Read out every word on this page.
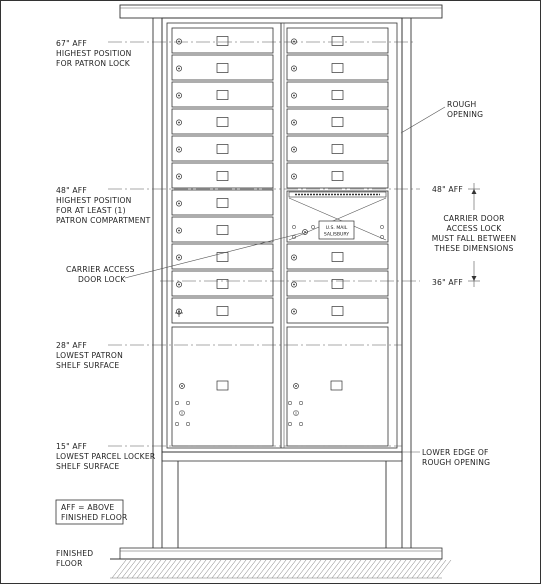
U.S. MAIL
SALISBURY
67" AFF
HIGHEST POSITION
FOR PATRON LOCK
48" AFF
HIGHEST POSITION
FOR AT LEAST (1)
PATRON COMPARTMENT
CARRIER ACCESS
DOOR LOCK
28" AFF
LOWEST PATRON
SHELF SURFACE
15" AFF
LOWEST PARCEL LOCKER
SHELF SURFACE
AFF = ABOVE
FINISHED FLOOR
FINISHED
FLOOR
ROUGH
OPENING
48" AFF
36" AFF
CARRIER DOOR
ACCESS LOCK
MUST FALL BETWEEN
THESE DIMENSIONS
LOWER EDGE OF
ROUGH OPENING
